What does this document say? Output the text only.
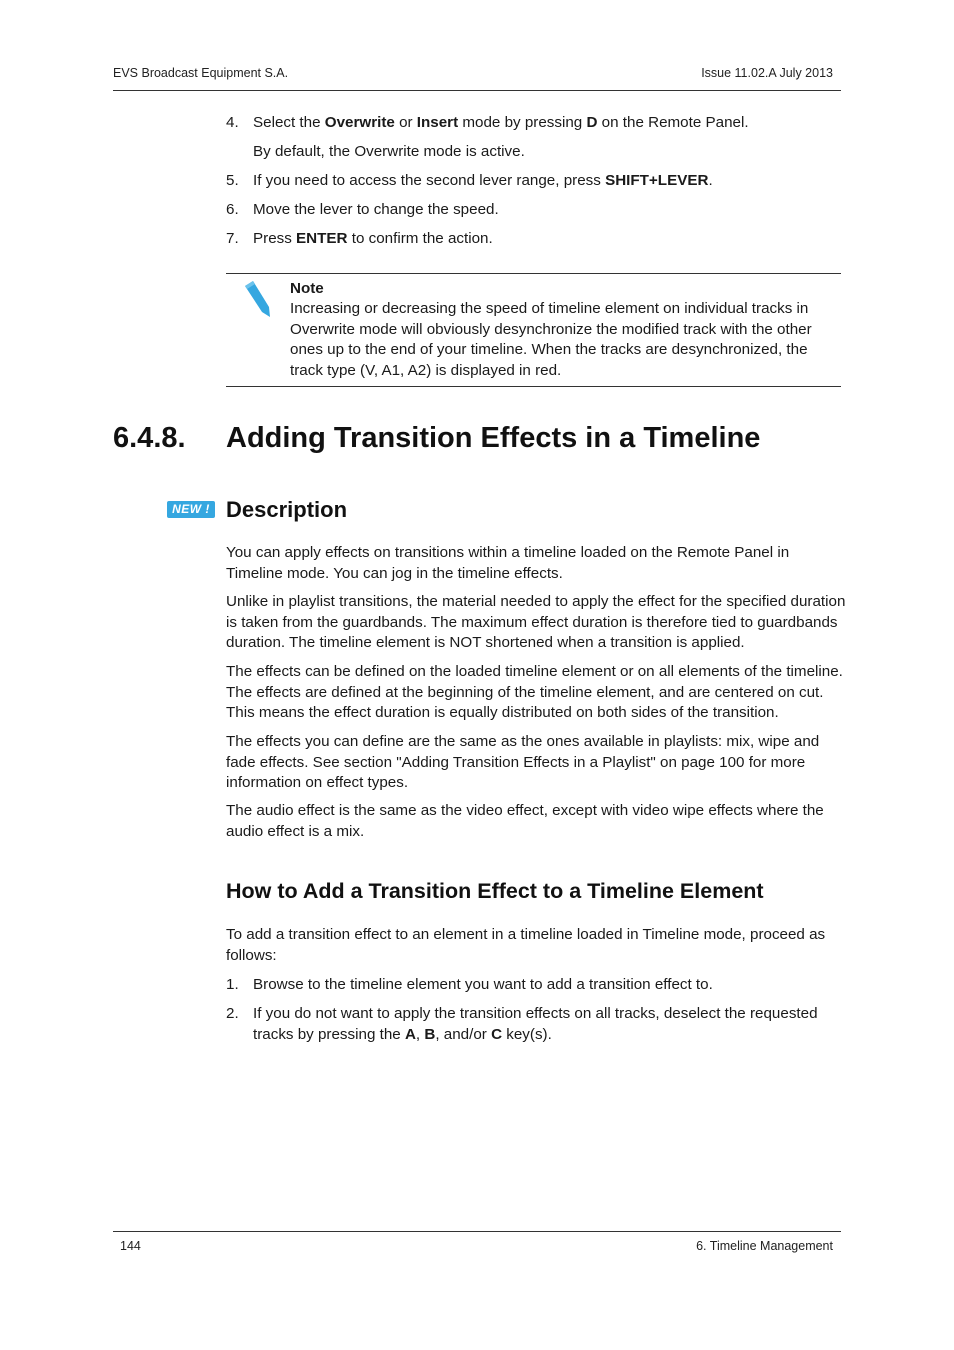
EVS Broadcast Equipment S.A.	Issue 11.02.A July 2013
4. Select the Overwrite or Insert mode by pressing D on the Remote Panel.
By default, the Overwrite mode is active.
5. If you need to access the second lever range, press SHIFT+LEVER.
6. Move the lever to change the speed.
7. Press ENTER to confirm the action.
Note
Increasing or decreasing the speed of timeline element on individual tracks in Overwrite mode will obviously desynchronize the modified track with the other ones up to the end of your timeline. When the tracks are desynchronized, the track type (V, A1, A2) is displayed in red.
6.4.8. Adding Transition Effects in a Timeline
NEW ! Description
You can apply effects on transitions within a timeline loaded on the Remote Panel in Timeline mode. You can jog in the timeline effects.
Unlike in playlist transitions, the material needed to apply the effect for the specified duration is taken from the guardbands. The maximum effect duration is therefore tied to guardbands duration. The timeline element is NOT shortened when a transition is applied.
The effects can be defined on the loaded timeline element or on all elements of the timeline. The effects are defined at the beginning of the timeline element, and are centered on cut. This means the effect duration is equally distributed on both sides of the transition.
The effects you can define are the same as the ones available in playlists: mix, wipe and fade effects. See section "Adding Transition Effects in a Playlist" on page 100 for more information on effect types.
The audio effect is the same as the video effect, except with video wipe effects where the audio effect is a mix.
How to Add a Transition Effect to a Timeline Element
To add a transition effect to an element in a timeline loaded in Timeline mode, proceed as follows:
1. Browse to the timeline element you want to add a transition effect to.
2. If you do not want to apply the transition effects on all tracks, deselect the requested tracks by pressing the A, B, and/or C key(s).
144	6. Timeline Management
